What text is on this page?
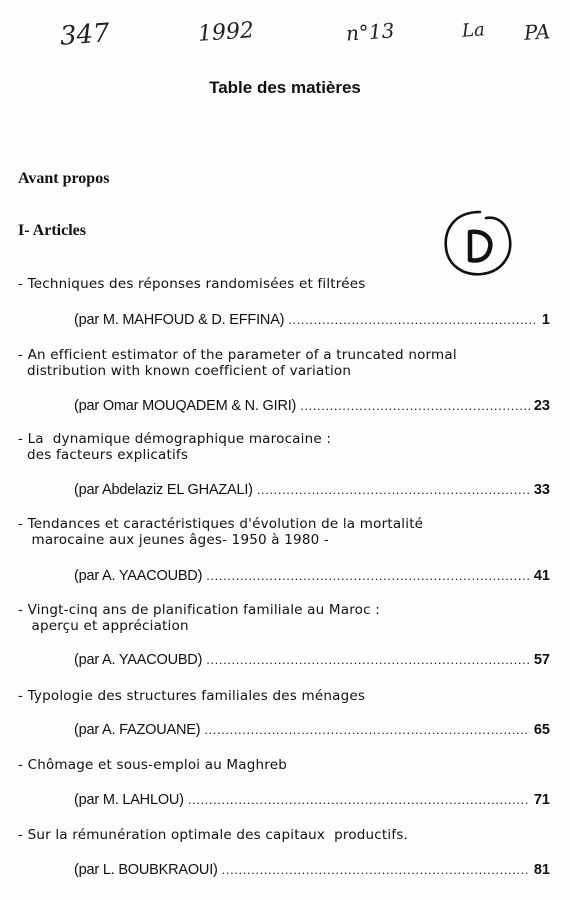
347	1992	n°13	La PA
Table des matières
Avant propos
I- Articles
- Techniques des réponses randomisées et filtrées
(par M. MAHFOUD & D. EFFINA) .....	1
- An efficient estimator of the parameter of a truncated normal
distribution with known coefficient of variation
(par Omar MOUQADEM & N. GIRI) .....	23
- La  dynamique démographique marocaine :
des facteurs explicatifs
(par Abdelaziz EL GHAZALI) .....	33
- Tendances et caractéristiques d'évolution de la mortalité
marocaine aux jeunes âges- 1950 à 1980 -
(par A. YAACOUBD) .....	41
- Vingt-cinq ans de planification familiale au Maroc :
aperçu et appréciation
(par A. YAACOUBD) .....	57
- Typologie des structures familiales des ménages
(par A. FAZOUANE) .....	65
- Chômage et sous-emploi au Maghreb
(par M. LAHLOU) .....	71
- Sur la rémunération optimale des capitaux  productifs.
(par L. BOUBKRAOUI) .....	81
